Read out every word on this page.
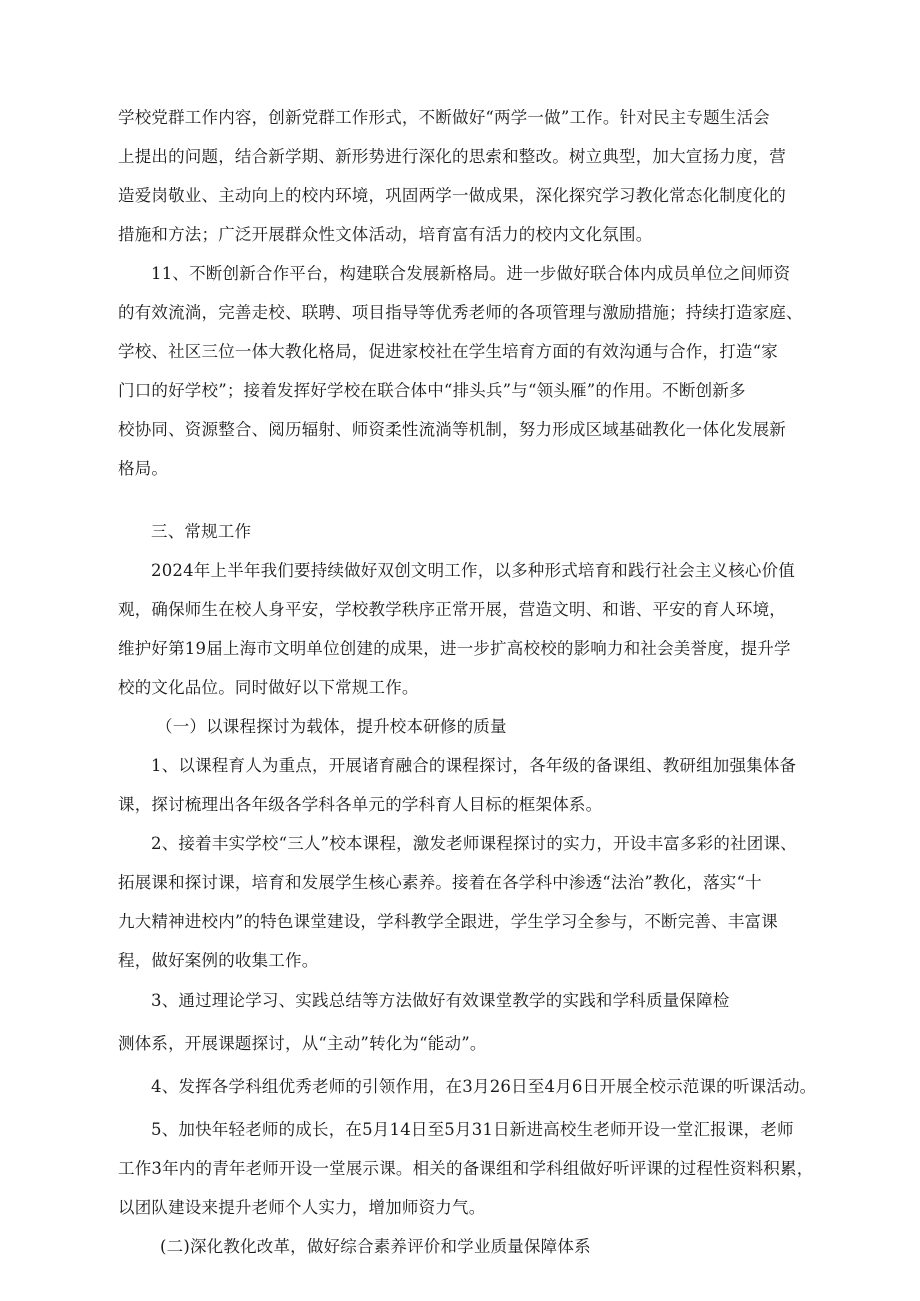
学校党群工作内容，创新党群工作形式，不断做好“两学一做”工作。针对民主专题生活会
上提出的问题，结合新学期、新形势进行深化的思索和整改。树立典型，加大宣扬力度，营
造爱岗敬业、主动向上的校内环境，巩固两学一做成果，深化探究学习教化常态化制度化的
措施和方法；广泛开展群众性文体活动，培育富有活力的校内文化氛围。
11、不断创新合作平台，构建联合发展新格局。进一步做好联合体内成员单位之间师资
的有效流淌，完善走校、联聘、项目指导等优秀老师的各项管理与激励措施；持续打造家庭、
学校、社区三位一体大教化格局，促进家校社在学生培育方面的有效沟通与合作，打造“家
门口的好学校”；接着发挥好学校在联合体中“排头兵”与“领头雁”的作用。不断创新多
校协同、资源整合、阅历辐射、师资柔性流淌等机制，努力形成区域基础教化一体化发展新
格局。
三、常规工作
2024年上半年我们要持续做好双创文明工作，以多种形式培育和践行社会主义核心价值
观，确保师生在校人身平安，学校教学秩序正常开展，营造文明、和谐、平安的育人环境，
维护好第19届上海市文明单位创建的成果，进一步扩高校校的影响力和社会美誉度，提升学
校的文化品位。同时做好以下常规工作。
（一）以课程探讨为载体，提升校本研修的质量
1、以课程育人为重点，开展诸育融合的课程探讨，各年级的备课组、教研组加强集体备
课，探讨梳理出各年级各学科各单元的学科育人目标的框架体系。
2、接着丰实学校“三人”校本课程，激发老师课程探讨的实力，开设丰富多彩的社团课、
拓展课和探讨课，培育和发展学生核心素养。接着在各学科中渗透“法治”教化，落实“十
九大精神进校内”的特色课堂建设，学科教学全跟进，学生学习全参与，不断完善、丰富课
程，做好案例的收集工作。
3、通过理论学习、实践总结等方法做好有效课堂教学的实践和学科质量保障检
测体系，开展课题探讨，从“主动”转化为“能动”。
4、发挥各学科组优秀老师的引领作用，在3月26日至4月6日开展全校示范课的听课活动。
5、加快年轻老师的成长，在5月14日至5月31日新进高校生老师开设一堂汇报课，老师
工作3年内的青年老师开设一堂展示课。相关的备课组和学科组做好听评课的过程性资料积累，
以团队建设来提升老师个人实力，增加师资力气。
(二)深化教化改革，做好综合素养评价和学业质量保障体系
